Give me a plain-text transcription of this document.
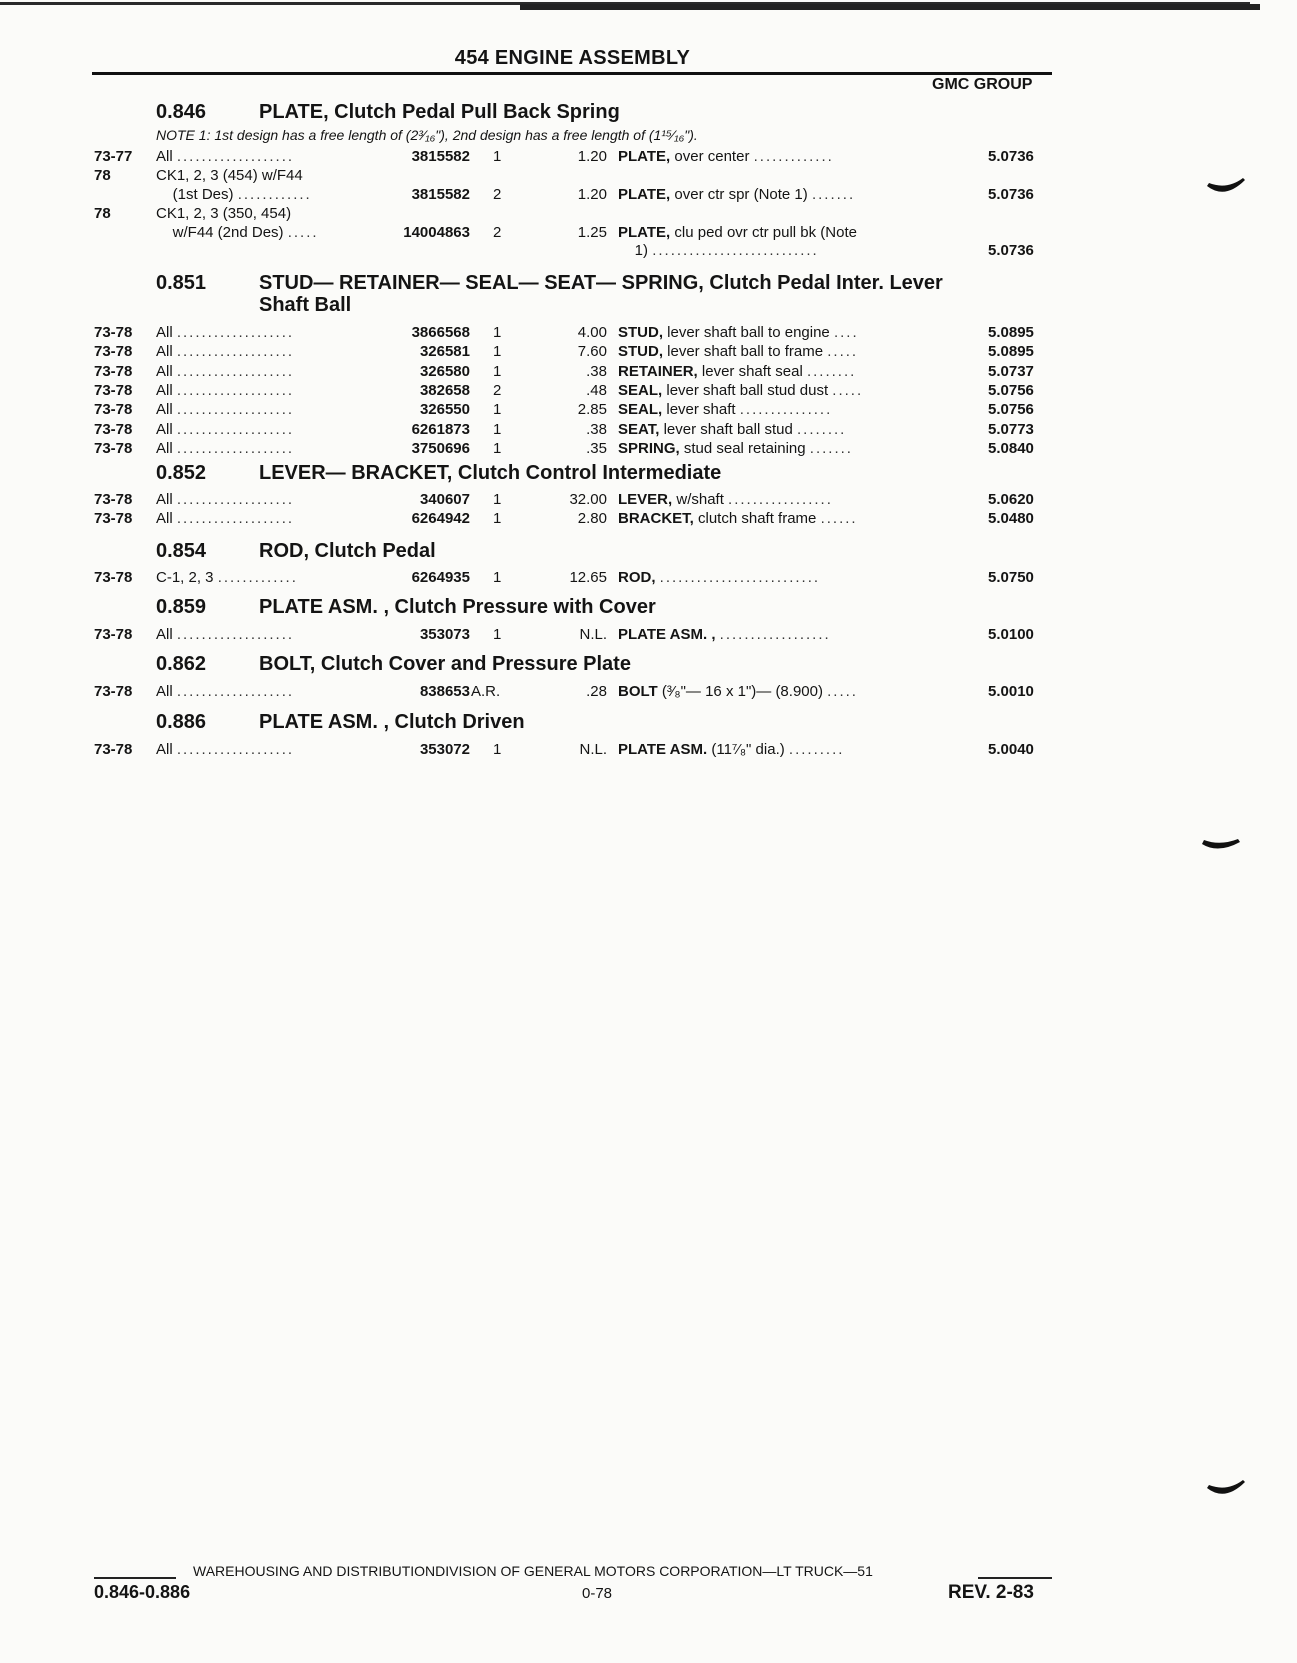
454 ENGINE ASSEMBLY
GMC GROUP
0.846	PLATE, Clutch Pedal Pull Back Spring
NOTE 1: 1st design has a free length of (2³⁄₁₆"), 2nd design has a free length of (1¹⁵⁄₁₆").
73-77 All ...................	3815582 1	1.20 PLATE, over center .............	5.0736
78	CK1, 2, 3 (454) w/F44

(1st Des) ............	3815582 2	1.20 PLATE, over ctr spr (Note 1) .......	5.0736
78	CK1, 2, 3 (350, 454)

w/F44 (2nd Des) .....	14004863 2	1.25 PLATE, clu ped ovr ctr pull bk (Note

1) ...........................	5.0736
0.851	STUD— RETAINER— SEAL— SEAT— SPRING, Clutch Pedal Inter. Lever
Shaft Ball
73-78 All ...................	3866568 1	4.00 STUD, lever shaft ball to engine ....	5.0895
73-78 All ...................	326581 1	7.60 STUD, lever shaft ball to frame .....	5.0895
73-78 All ...................	326580 1	.38 RETAINER, lever shaft seal ........	5.0737
73-78 All ...................	382658 2	.48 SEAL, lever shaft ball stud dust .....	5.0756
73-78 All ...................	326550 1	2.85 SEAL, lever shaft ...............	5.0756
73-78 All ...................	6261873 1	.38 SEAT, lever shaft ball stud ........	5.0773
73-78 All ...................	3750696 1	.35 SPRING, stud seal retaining .......	5.0840
0.852	LEVER— BRACKET, Clutch Control Intermediate
73-78 All ...................	340607 1	32.00 LEVER, w/shaft .................	5.0620
73-78 All ...................	6264942 1	2.80 BRACKET, clutch shaft frame ......	5.0480
0.854	ROD, Clutch Pedal
73-78 C-1, 2, 3 .............	6264935 1	12.65 ROD, ..........................	5.0750
0.859	PLATE ASM. , Clutch Pressure with Cover
73-78 All ...................	353073 1	N.L. PLATE ASM. , ..................	5.0100
0.862	BOLT, Clutch Cover and Pressure Plate
73-78 All ...................	838653 A.R.	.28 BOLT (³⁄₈"— 16 x 1")— (8.900) .....	5.0010
0.886	PLATE ASM. , Clutch Driven
73-78 All ...................	353072 1	N.L. PLATE ASM. (11⁷⁄₈" dia.) .........	5.0040
WAREHOUSING AND DISTRIBUTIONDIVISION OF GENERAL MOTORS CORPORATION—LT TRUCK—51
0.846-0.886	0-78	REV. 2-83
